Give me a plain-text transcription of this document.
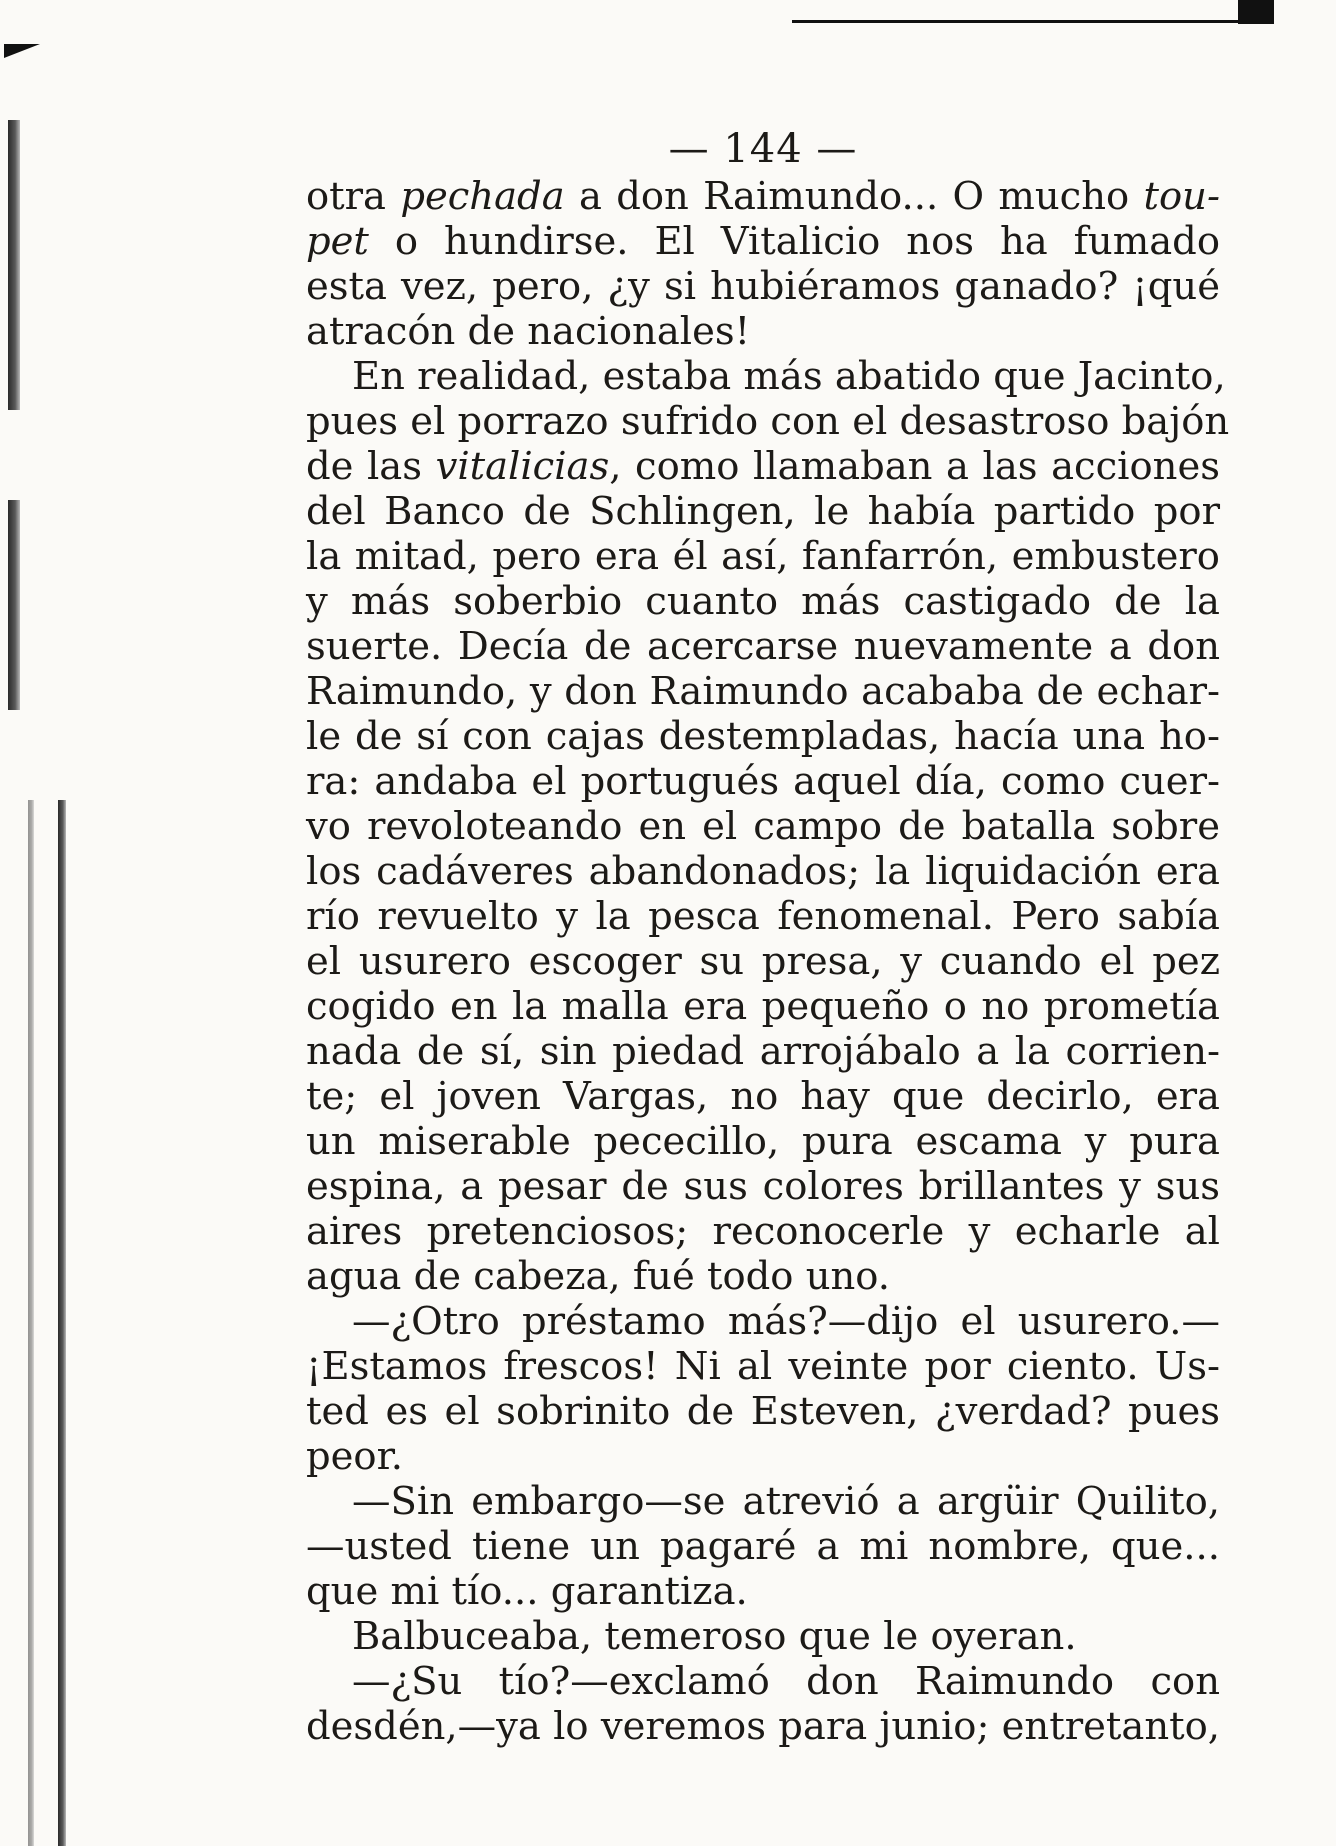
— 144 —
otra pechada a don Raimundo... O mucho tou-
pet o hundirse. El Vitalicio nos ha fumado
esta vez, pero, ¿y si hubiéramos ganado? ¡qué
atracón de nacionales!
En realidad, estaba más abatido que Jacinto,
pues el porrazo sufrido con el desastroso bajón
de las vitalicias, como llamaban a las acciones
del Banco de Schlingen, le había partido por
la mitad, pero era él así, fanfarrón, embustero
y más soberbio cuanto más castigado de la
suerte. Decía de acercarse nuevamente a don
Raimundo, y don Raimundo acababa de echar-
le de sí con cajas destempladas, hacía una ho-
ra: andaba el portugués aquel día, como cuer-
vo revoloteando en el campo de batalla sobre
los cadáveres abandonados; la liquidación era
río revuelto y la pesca fenomenal. Pero sabía
el usurero escoger su presa, y cuando el pez
cogido en la malla era pequeño o no prometía
nada de sí, sin piedad arrojábalo a la corrien-
te; el joven Vargas, no hay que decirlo, era
un miserable pececillo, pura escama y pura
espina, a pesar de sus colores brillantes y sus
aires pretenciosos; reconocerle y echarle al
agua de cabeza, fué todo uno.
—¿Otro préstamo más?—dijo el usurero.—
¡Estamos frescos! Ni al veinte por ciento. Us-
ted es el sobrinito de Esteven, ¿verdad? pues
peor.
—Sin embargo—se atrevió a argüir Quilito,
—usted tiene un pagaré a mi nombre, que...
que mi tío... garantiza.
Balbuceaba, temeroso que le oyeran.
—¿Su tío?—exclamó don Raimundo con
desdén,—ya lo veremos para junio; entretanto,
